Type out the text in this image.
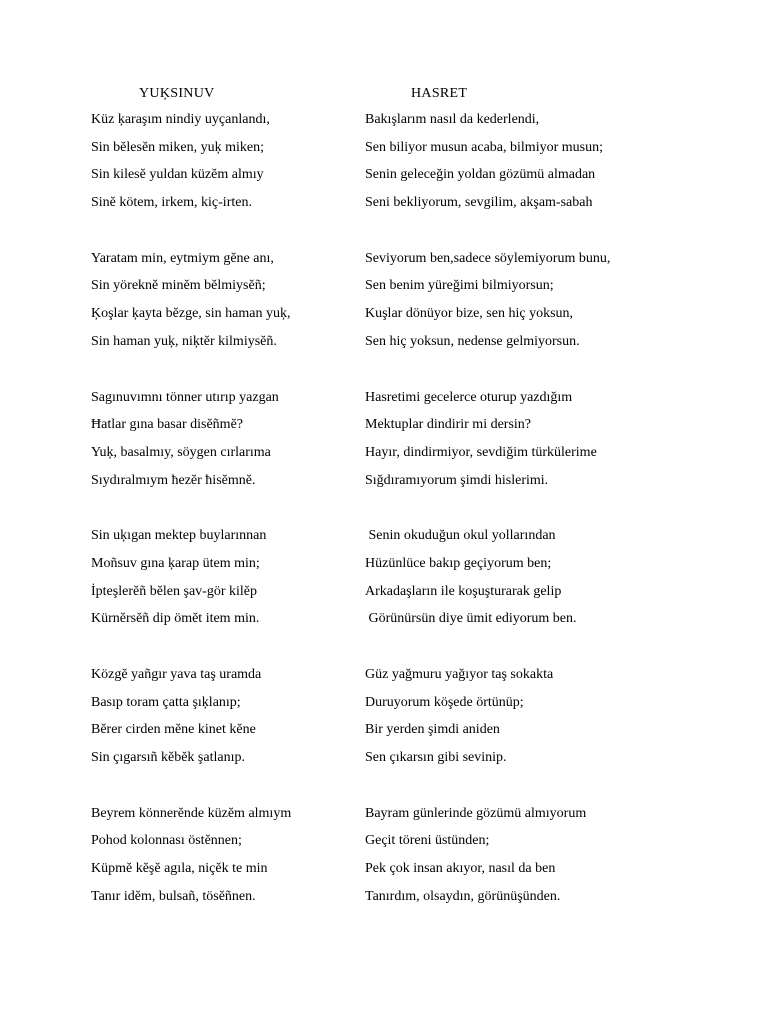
YUĶSINUV
Küz ķaraşım nindiy uyçanlandı,
Sin bĕlesĕn miken, yuķ miken;
Sin kilesĕ yuldan küzĕm almıy
Sinĕ kötem, irkem, kiç-irten.
Yaratam min, eytmiym gĕne anı,
Sin yöreknĕ minĕm bĕlmiysĕñ;
Ķoşlar ķayta bĕzge, sin haman yuķ,
Sin haman yuķ, niķtĕr kilmiysĕñ.
Sagınuvımnı tönner utırıp yazgan
Ħatlar gına basar disĕñmĕ?
Yuķ, basalmıy, söygen cırlarıma
Sıydıralmıym ħezĕr ħisĕmnĕ.
Sin uķıgan mektep buylarınnan
Moñsuv gına ķarap ütem min;
İpteşlerĕñ bĕlen şav-gör kilĕp
Kürnĕrsĕñ dip ömĕt item min.
Közgĕ yañgır yava taş uramda
Basıp toram çatta şıķlanıp;
Bĕrer cirden mĕne kinet kĕne
Sin çıgarsıñ kĕbĕk şatlanıp.
Beyrem könnerĕnde küzĕm almıym
Pohod kolonnası östĕnnen;
Küpmĕ kĕşĕ agıla, niçĕk te min
Tanır idĕm, bulsañ, tösĕñnen.
HASRET
Bakışlarım nasıl da kederlendi,
Sen biliyor musun acaba, bilmiyor musun;
Senin geleceğin yoldan gözümü almadan
Seni bekliyorum, sevgilim, akşam-sabah
Seviyorum ben,sadece söylemiyorum bunu,
Sen benim yüreğimi bilmiyorsun;
Kuşlar dönüyor bize, sen hiç yoksun,
Sen hiç yoksun, nedense gelmiyorsun.
Hasretimi gecelerce oturup yazdığım
Mektuplar dindirir mi dersin?
Hayır, dindirmiyor, sevdiğim türkülerime
Sığdıramıyorum şimdi hislerimi.
Senin okuduğun okul yollarından
Hüzünlüce bakıp geçiyorum ben;
Arkadaşların ile koşuşturarak gelip
Görünürsün diye ümit ediyorum ben.
Güz yağmuru yağıyor taş sokakta
Duruyorum köşede örtünüp;
Bir yerden şimdi aniden
Sen çıkarsın gibi sevinip.
Bayram günlerinde gözümü almıyorum
Geçit töreni üstünden;
Pek çok insan akıyor, nasıl da ben
Tanırdım, olsaydın, görünüşünden.
